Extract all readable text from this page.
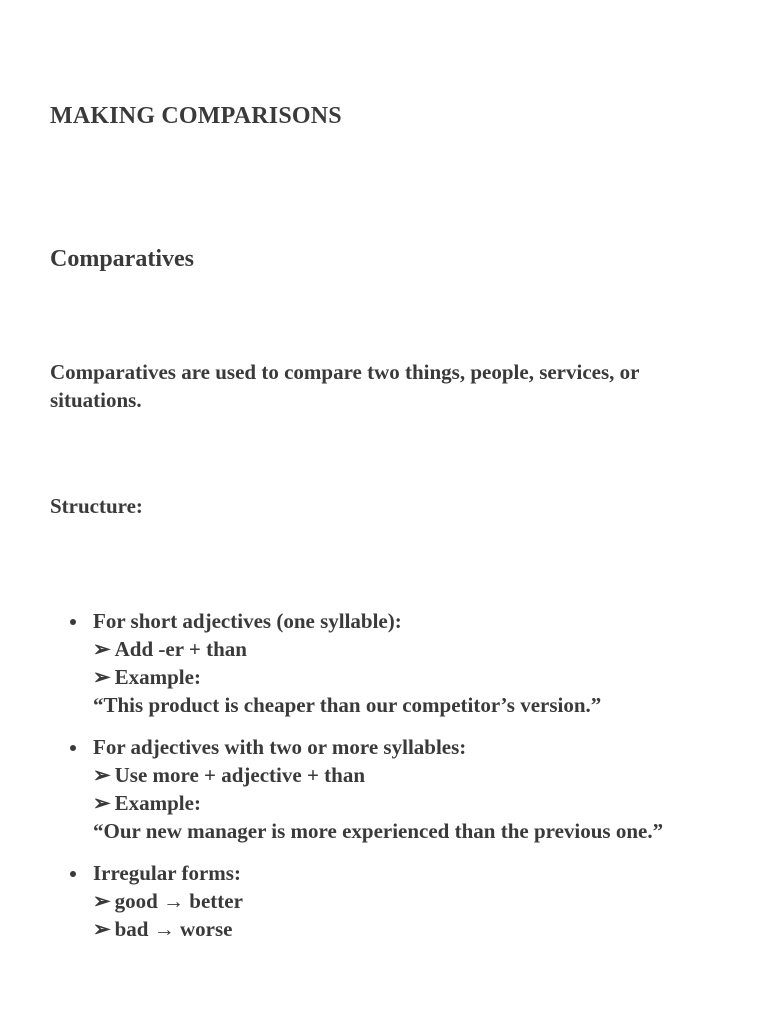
MAKING COMPARISONS
Comparatives

Comparatives are used to compare two things, people, services, or situations.

Structure:

For short adjectives (one syllable):
➢ Add -er + than
➢ Example:
“This product is cheaper than our competitor’s version.”
For adjectives with two or more syllables:
➢ Use more + adjective + than
➢ Example:
“Our new manager is more experienced than the previous one.”
Irregular forms:
➢ good → better
➢ bad → worse
